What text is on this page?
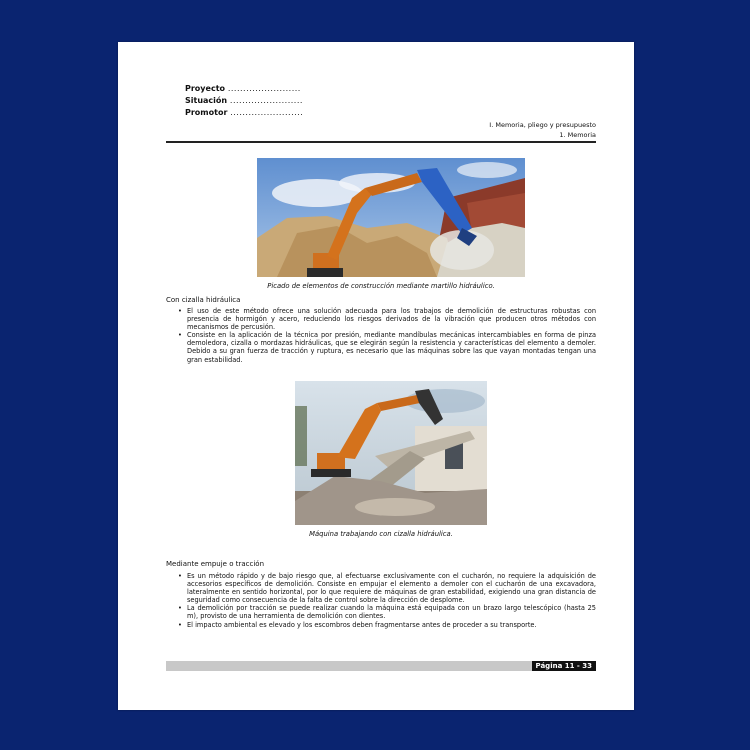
Proyecto ........................
Situación ........................
Promotor ........................
I. Memoria, pliego y presupuesto
1. Memoria
Picado de elementos de construcción mediante martillo hidráulico.
Con cizalla hidráulica
• El uso de este método ofrece una solución adecuada para los trabajos de demolición de estructuras robustas con presencia de hormigón y acero, reduciendo los riesgos derivados de la vibración que producen otros métodos con mecanismos de percusión.
• Consiste en la aplicación de la técnica por presión, mediante mandíbulas mecánicas intercambiables en forma de pinza demoledora, cizalla o mordazas hidráulicas, que se elegirán según la resistencia y características del elemento a demoler. Debido a su gran fuerza de tracción y ruptura, es necesario que las máquinas sobre las que vayan montadas tengan una gran estabilidad.
Máquina trabajando con cizalla hidráulica.
Mediante empuje o tracción
• Es un método rápido y de bajo riesgo que, al efectuarse exclusivamente con el cucharón, no requiere la adquisición de accesorios específicos de demolición. Consiste en empujar el elemento a demoler con el cucharón de una excavadora, lateralmente en sentido horizontal, por lo que requiere de máquinas de gran estabilidad, exigiendo una gran distancia de seguridad como consecuencia de la falta de control sobre la dirección de desplome.
• La demolición por tracción se puede realizar cuando la máquina está equipada con un brazo largo telescópico (hasta 25 m), provisto de una herramienta de demolición con dientes.
• El impacto ambiental es elevado y los escombros deben fragmentarse antes de proceder a su transporte.
Página 11 - 33
